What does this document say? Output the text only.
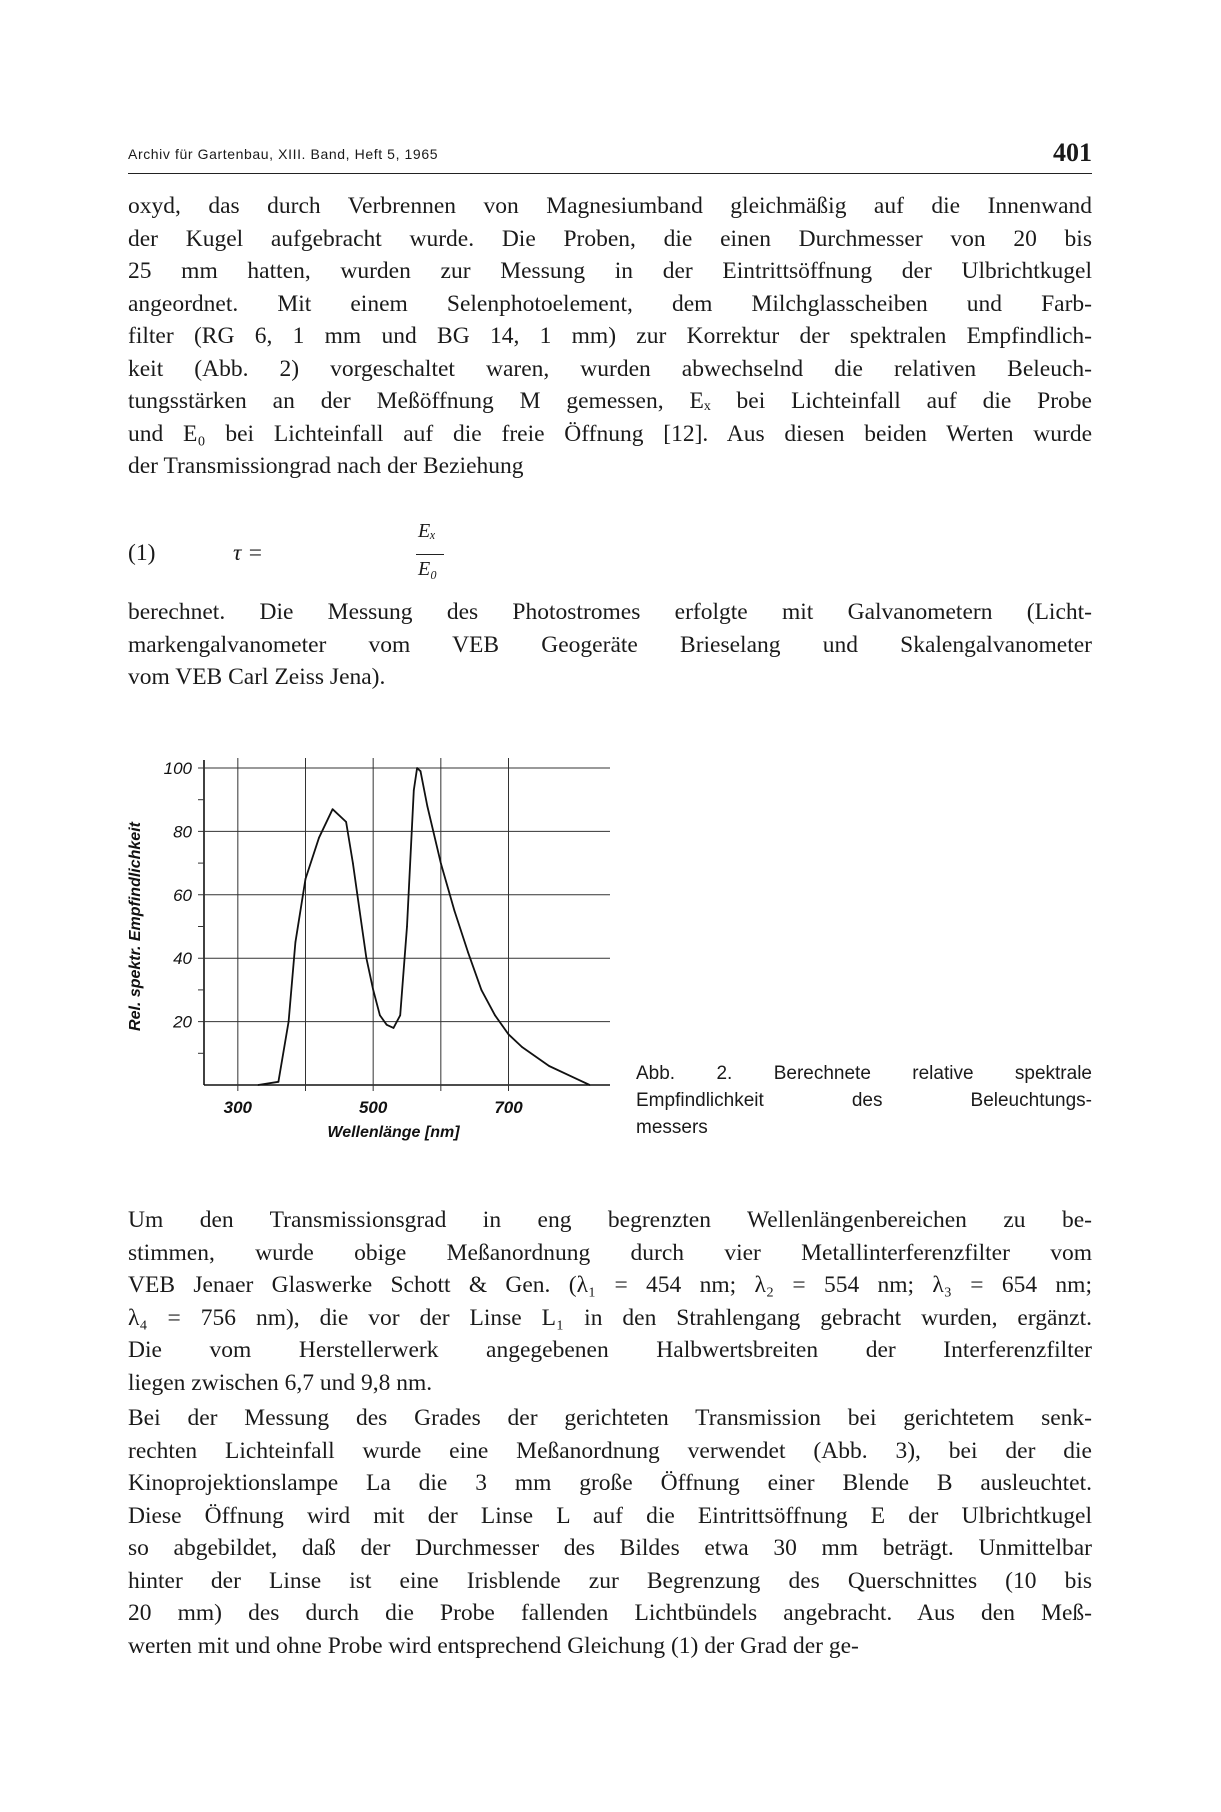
Archiv für Gartenbau, XIII. Band, Heft 5, 1965	401
oxyd, das durch Verbrennen von Magnesiumband gleichmäßig auf die Innenwand
der Kugel aufgebracht wurde. Die Proben, die einen Durchmesser von 20 bis
25 mm hatten, wurden zur Messung in der Eintrittsöffnung der Ulbrichtkugel
angeordnet. Mit einem Selenphotoelement, dem Milchglasscheiben und Farb-
filter (RG 6, 1 mm und BG 14, 1 mm) zur Korrektur der spektralen Empfindlich-
keit (Abb. 2) vorgeschaltet waren, wurden abwechselnd die relativen Beleuch-
tungsstärken an der Meßöffnung M gemessen, Eₓ bei Lichteinfall auf die Probe
und E₀ bei Lichteinfall auf die freie Öffnung [12]. Aus diesen beiden Werten wurde
der Transmissiongrad nach der Beziehung
(1)	τ =
Eₓ
E₀
berechnet. Die Messung des Photostromes erfolgte mit Galvanometern (Licht-
markengalvanometer vom VEB Geogeräte Brieselang und Skalengalvanometer
vom VEB Carl Zeiss Jena).
20
40
60
80
100
300	500	700
Wellenlänge [nm]
Rel. spektr. Empfindlichkeit
Abb. 2. Berechnete relative spektrale
Empfindlichkeit des Beleuchtungs-
messers
Um den Transmissionsgrad in eng begrenzten Wellenlängenbereichen zu be-
stimmen, wurde obige Meßanordnung durch vier Metallinterferenzfilter vom
VEB Jenaer Glaswerke Schott & Gen. (λ₁ = 454 nm; λ₂ = 554 nm; λ₃ = 654 nm;
λ₄ = 756 nm), die vor der Linse L₁ in den Strahlengang gebracht wurden, ergänzt.
Die vom Herstellerwerk angegebenen Halbwertsbreiten der Interferenzfilter
liegen zwischen 6,7 und 9,8 nm.
Bei der Messung des Grades der gerichteten Transmission bei gerichtetem senk-
rechten Lichteinfall wurde eine Meßanordnung verwendet (Abb. 3), bei der die
Kinoprojektionslampe La die 3 mm große Öffnung einer Blende B ausleuchtet.
Diese Öffnung wird mit der Linse L auf die Eintrittsöffnung E der Ulbrichtkugel
so abgebildet, daß der Durchmesser des Bildes etwa 30 mm beträgt. Unmittelbar
hinter der Linse ist eine Irisblende zur Begrenzung des Querschnittes (10 bis
20 mm) des durch die Probe fallenden Lichtbündels angebracht. Aus den Meß-
werten mit und ohne Probe wird entsprechend Gleichung (1) der Grad der ge-
